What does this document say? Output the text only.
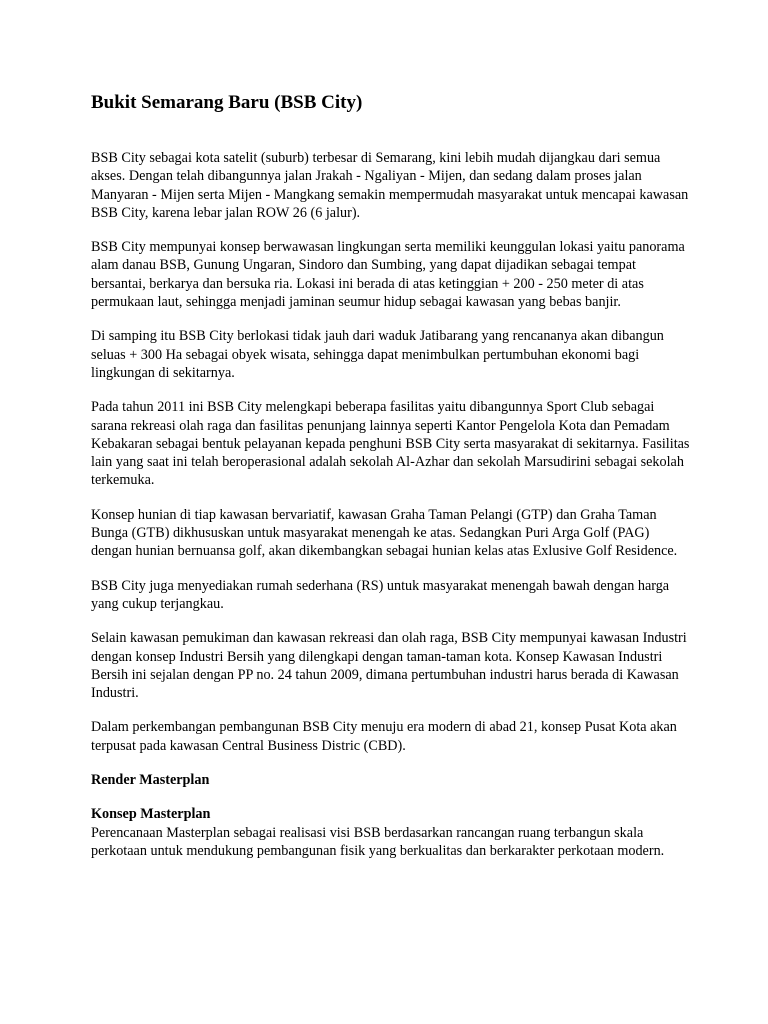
Bukit Semarang Baru (BSB City)

BSB City sebagai kota satelit (suburb) terbesar di Semarang, kini lebih mudah dijangkau dari semua akses. Dengan telah dibangunnya jalan Jrakah - Ngaliyan - Mijen, dan sedang dalam proses jalan Manyaran - Mijen serta Mijen - Mangkang semakin mempermudah masyarakat untuk mencapai kawasan BSB City, karena lebar jalan ROW 26 (6 jalur).

BSB City mempunyai konsep berwawasan lingkungan serta memiliki keunggulan lokasi yaitu panorama alam danau BSB, Gunung Ungaran, Sindoro dan Sumbing, yang dapat dijadikan sebagai tempat bersantai, berkarya dan bersuka ria. Lokasi ini berada di atas ketinggian + 200 - 250 meter di atas permukaan laut, sehingga menjadi jaminan seumur hidup sebagai kawasan yang bebas banjir.

Di samping itu BSB City berlokasi tidak jauh dari waduk Jatibarang yang rencananya akan dibangun seluas + 300 Ha sebagai obyek wisata, sehingga dapat menimbulkan pertumbuhan ekonomi bagi lingkungan di sekitarnya.

Pada tahun 2011 ini BSB City melengkapi beberapa fasilitas yaitu dibangunnya Sport Club sebagai sarana rekreasi olah raga dan fasilitas penunjang lainnya seperti Kantor Pengelola Kota dan Pemadam Kebakaran sebagai bentuk pelayanan kepada penghuni BSB City serta masyarakat di sekitarnya. Fasilitas lain yang saat ini telah beroperasional adalah sekolah Al-Azhar dan sekolah Marsudirini sebagai sekolah terkemuka.

Konsep hunian di tiap kawasan bervariatif, kawasan Graha Taman Pelangi (GTP) dan Graha Taman Bunga (GTB) dikhususkan untuk masyarakat menengah ke atas. Sedangkan Puri Arga Golf (PAG) dengan hunian bernuansa golf, akan dikembangkan sebagai hunian kelas atas Exlusive Golf Residence.

BSB City juga menyediakan rumah sederhana (RS) untuk masyarakat menengah bawah dengan harga yang cukup terjangkau.

Selain kawasan pemukiman dan kawasan rekreasi dan olah raga, BSB City mempunyai kawasan Industri dengan konsep Industri Bersih yang dilengkapi dengan taman-taman kota. Konsep Kawasan Industri Bersih ini sejalan dengan PP no. 24 tahun 2009, dimana pertumbuhan industri harus berada di Kawasan Industri.

Dalam perkembangan pembangunan BSB City menuju era modern di abad 21, konsep Pusat Kota akan terpusat pada kawasan Central Business Distric (CBD).

Render Masterplan
Konsep Masterplan

Perencanaan Masterplan sebagai realisasi visi BSB berdasarkan rancangan ruang terbangun skala perkotaan untuk mendukung pembangunan fisik yang berkualitas dan berkarakter perkotaan modern.
